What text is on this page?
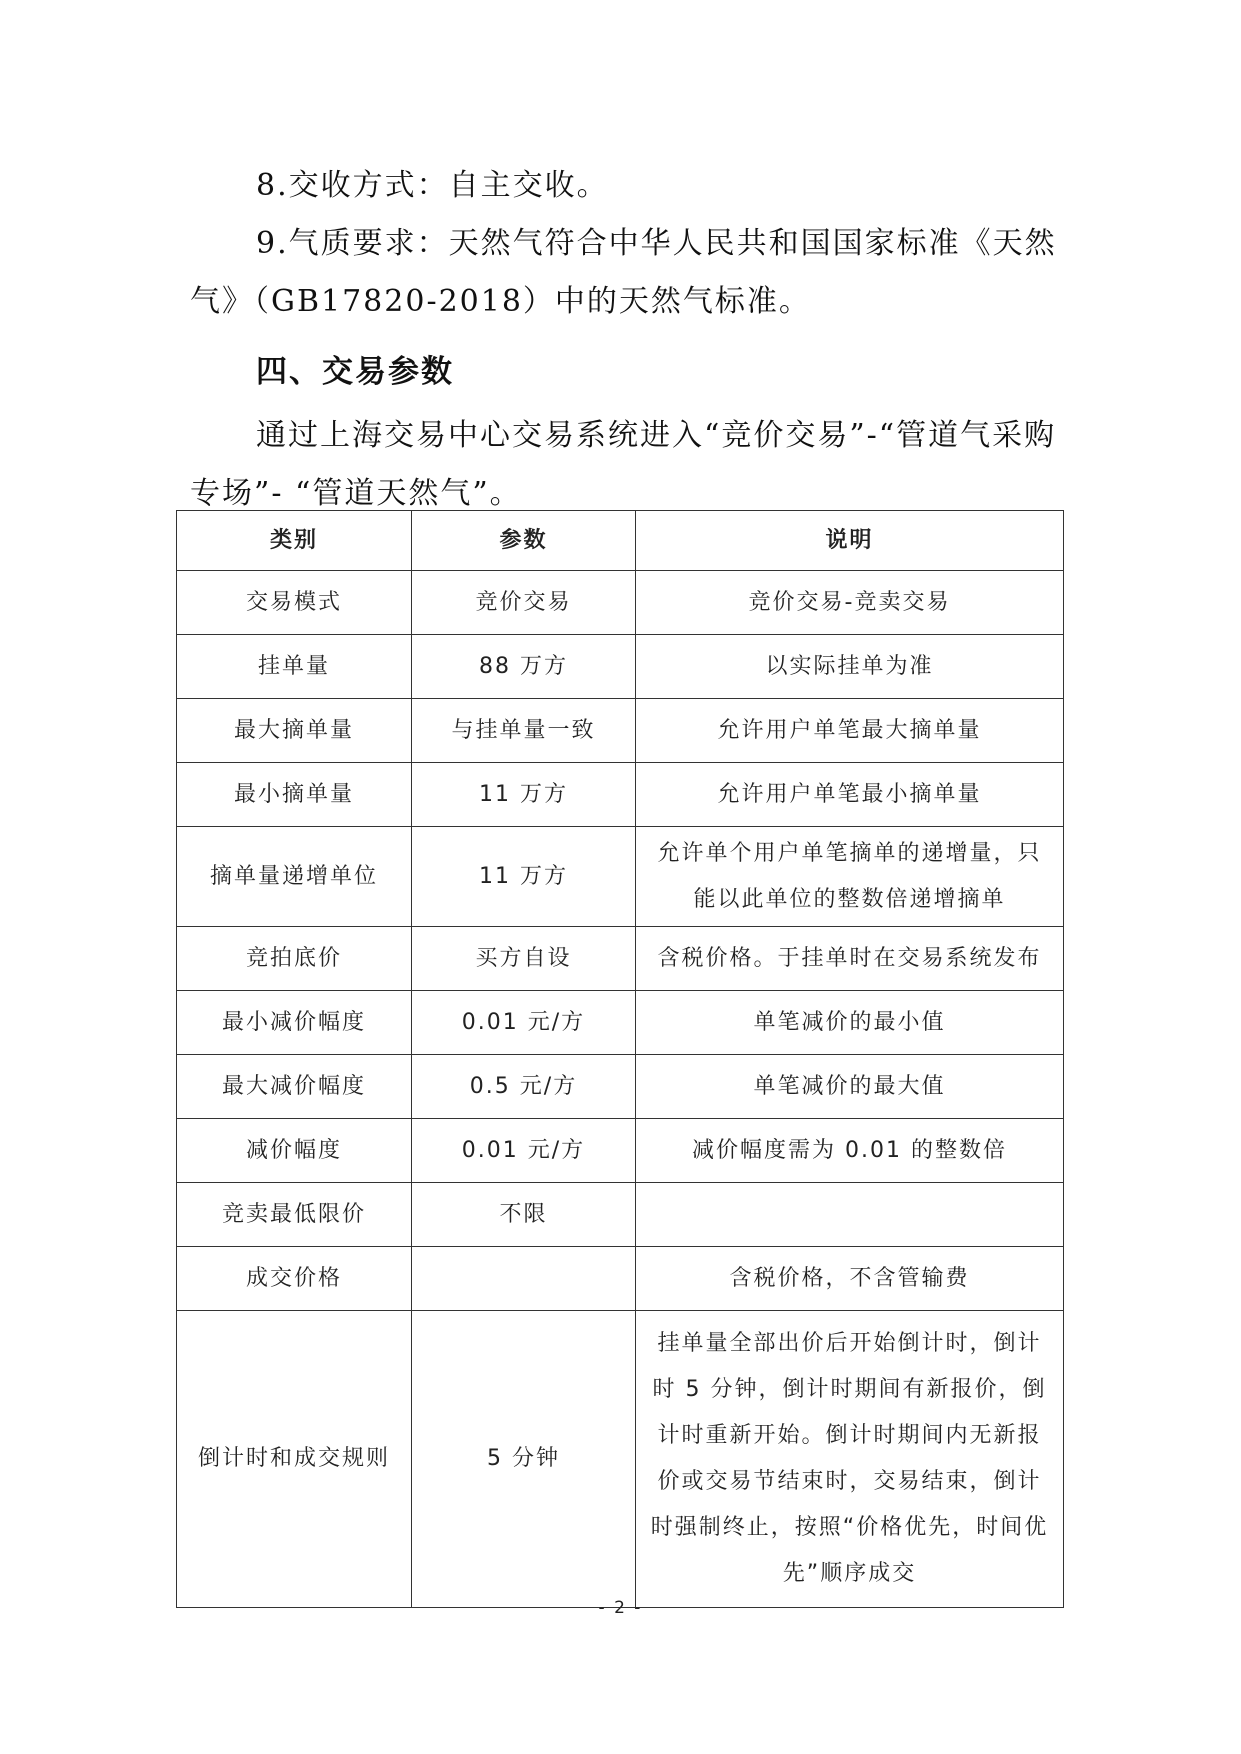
8.交收方式：自主交收。

9.气质要求：天然气符合中华人民共和国国家标准《天然气》（GB17820-2018）中的天然气标准。

四、交易参数

通过上海交易中心交易系统进入“竞价交易”-“管道气采购专场”- “管道天然气”。

类别	参数	说明
交易模式	竞价交易	竞价交易-竞卖交易
挂单量	88 万方	以实际挂单为准
最大摘单量	与挂单量一致	允许用户单笔最大摘单量
最小摘单量	11 万方	允许用户单笔最小摘单量
摘单量递增单位	11 万方	允许单个用户单笔摘单的递增量，只能以此单位的整数倍递增摘单
竞拍底价	买方自设	含税价格。于挂单时在交易系统发布
最小减价幅度	0.01 元/方	单笔减价的最小值
最大减价幅度	0.5 元/方	单笔减价的最大值
减价幅度	0.01 元/方	减价幅度需为 0.01 的整数倍
竞卖最低限价	不限	
成交价格		含税价格，不含管输费
倒计时和成交规则	5 分钟	挂单量全部出价后开始倒计时，倒计时 5 分钟，倒计时期间有新报价，倒计时重新开始。倒计时期间内无新报价或交易节结束时，交易结束，倒计时强制终止，按照“价格优先，时间优先”顺序成交
- 2 -
